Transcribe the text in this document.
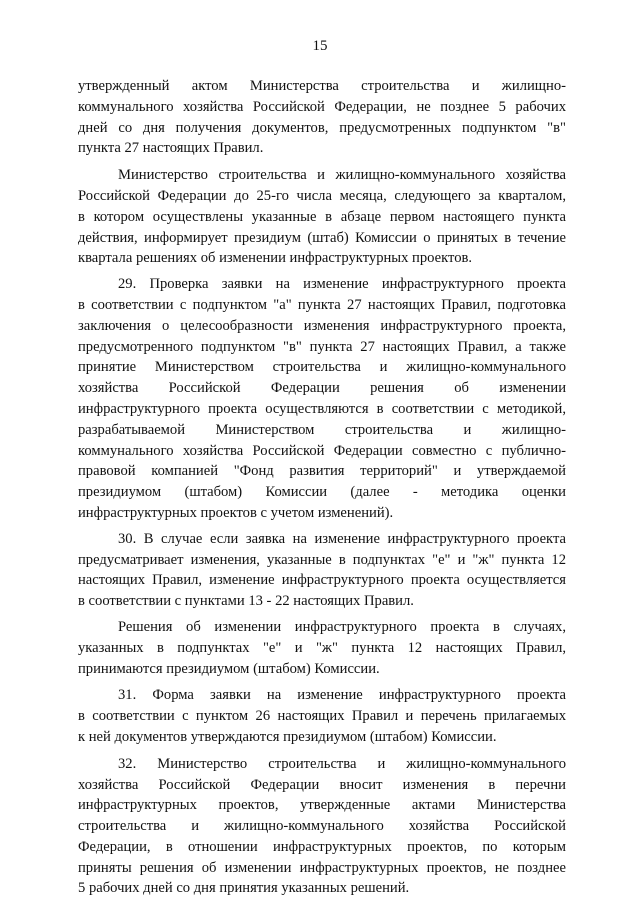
15
утвержденный актом Министерства строительства и жилищно-
коммунального хозяйства Российской Федерации, не позднее 5 рабочих
дней со дня получения документов, предусмотренных подпунктом "в"
пункта 27 настоящих Правил.
Министерство строительства и жилищно-коммунального хозяйства
Российской Федерации до 25-го числа месяца, следующего за кварталом,
в котором осуществлены указанные в абзаце первом настоящего пункта
действия, информирует президиум (штаб) Комиссии о принятых в течение
квартала решениях об изменении инфраструктурных проектов.
29. Проверка заявки на изменение инфраструктурного проекта
в соответствии с подпунктом "а" пункта 27 настоящих Правил, подготовка
заключения о целесообразности изменения инфраструктурного проекта,
предусмотренного подпунктом "в" пункта 27 настоящих Правил, а также
принятие Министерством строительства и жилищно-коммунального
хозяйства Российской Федерации решения об изменении
инфраструктурного проекта осуществляются в соответствии с методикой,
разрабатываемой Министерством строительства и жилищно-
коммунального хозяйства Российской Федерации совместно с публично-
правовой компанией "Фонд развития территорий" и утверждаемой
президиумом (штабом) Комиссии (далее - методика оценки
инфраструктурных проектов с учетом изменений).
30. В случае если заявка на изменение инфраструктурного проекта
предусматривает изменения, указанные в подпунктах "е" и "ж" пункта 12
настоящих Правил, изменение инфраструктурного проекта осуществляется
в соответствии с пунктами 13 - 22 настоящих Правил.
Решения об изменении инфраструктурного проекта в случаях,
указанных в подпунктах "е" и "ж" пункта 12 настоящих Правил,
принимаются президиумом (штабом) Комиссии.
31. Форма заявки на изменение инфраструктурного проекта
в соответствии с пунктом 26 настоящих Правил и перечень прилагаемых
к ней документов утверждаются президиумом (штабом) Комиссии.
32. Министерство строительства и жилищно-коммунального
хозяйства Российской Федерации вносит изменения в перечни
инфраструктурных проектов, утвержденные актами Министерства
строительства и жилищно-коммунального хозяйства Российской
Федерации, в отношении инфраструктурных проектов, по которым
приняты решения об изменении инфраструктурных проектов, не позднее
5 рабочих дней со дня принятия указанных решений.
